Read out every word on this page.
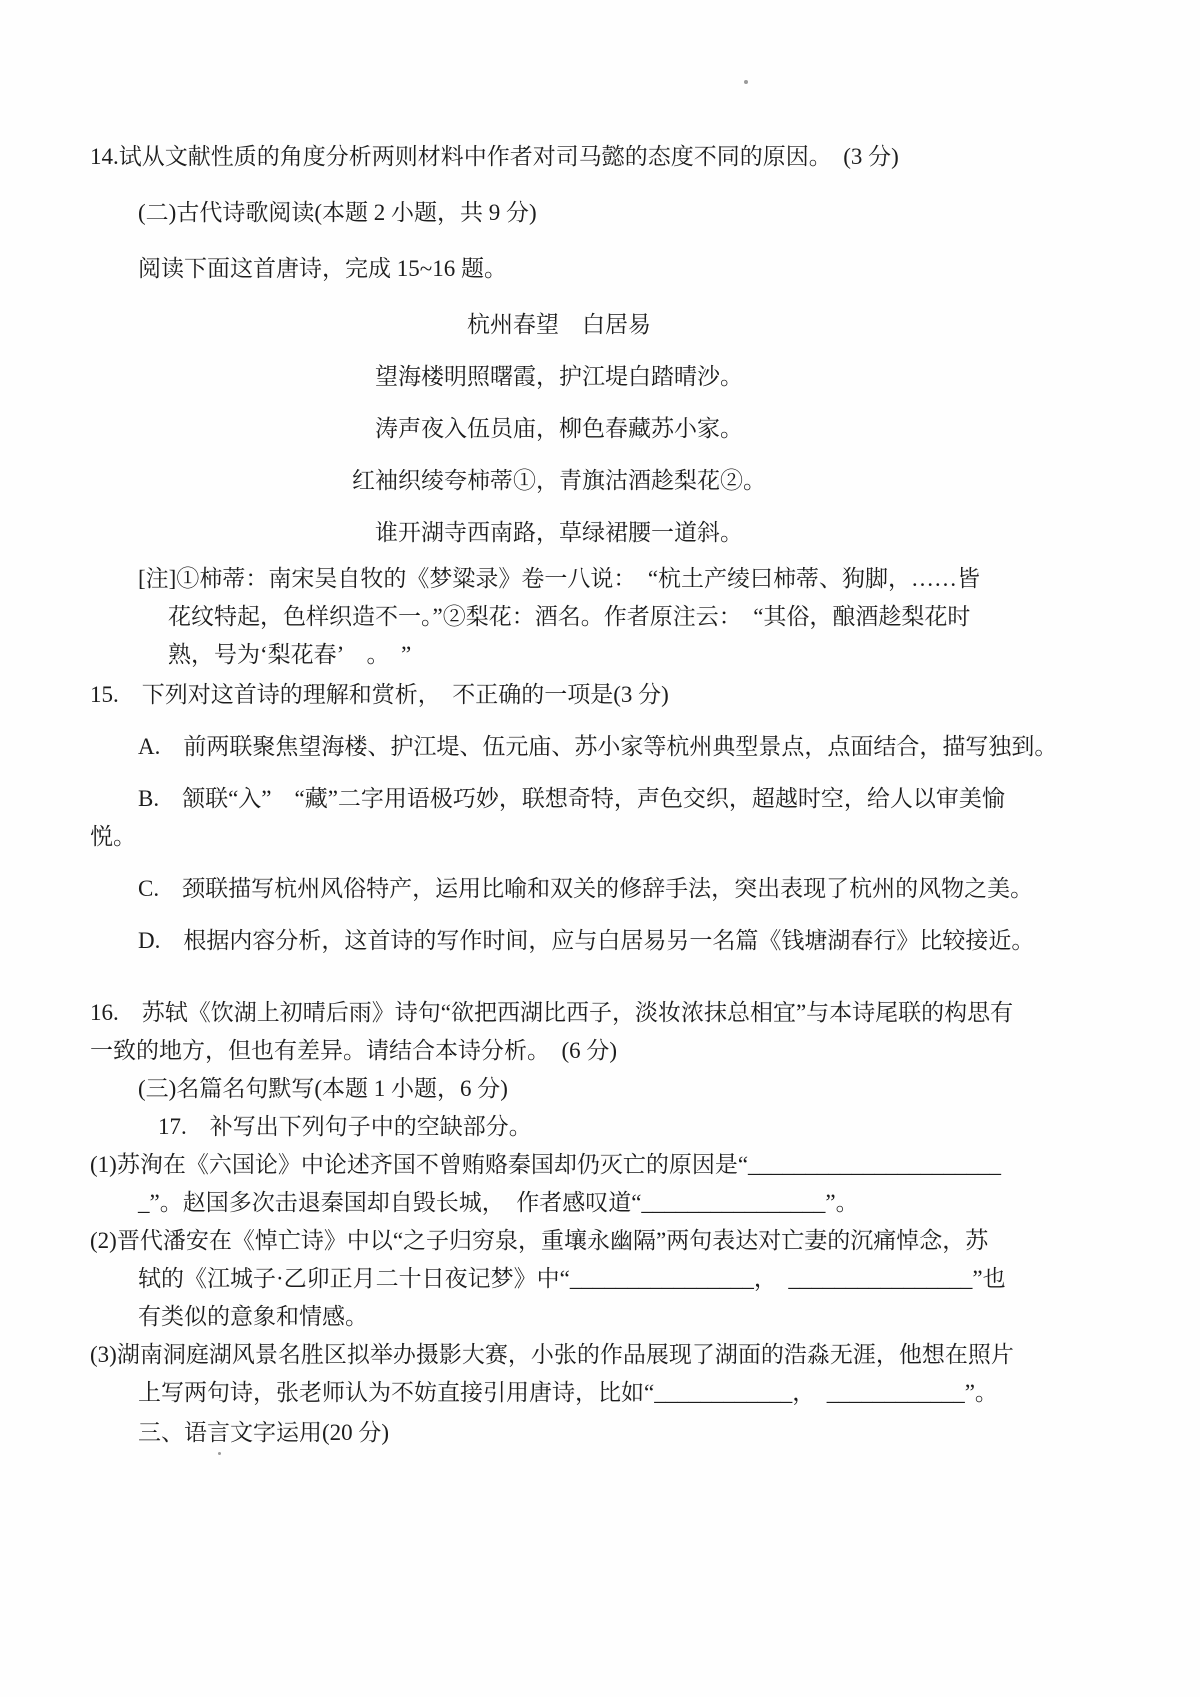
14.试从文献性质的角度分析两则材料中作者对司马懿的态度不同的原因。　(3 分)
(二)古代诗歌阅读(本题 2 小题，共 9 分)
阅读下面这首唐诗，完成 15~16 题。
杭州春望　白居易
望海楼明照曙霞，护江堤白踏晴沙。
涛声夜入伍员庙，柳色春藏苏小家。
红袖织绫夸柿蒂①，青旗沽酒趁梨花②。
谁开湖寺西南路，草绿裙腰一道斜。
[注]①柿蒂：南宋吴自牧的《梦粱录》卷一八说：　“杭土产绫曰柿蒂、狗脚，……皆
花纹特起，色样织造不一。”②梨花：酒名。作者原注云：　“其俗，酿酒趁梨花时
熟，号为‘梨花春’　。　”
15.　下列对这首诗的理解和赏析，　不正确的一项是(3 分)
A.　前两联聚焦望海楼、护江堤、伍元庙、苏小家等杭州典型景点，点面结合，描写独到。
B.　颔联“入”　“藏”二字用语极巧妙，联想奇特，声色交织，超越时空，给人以审美愉
悦。
C.　颈联描写杭州风俗特产，运用比喻和双关的修辞手法，突出表现了杭州的风物之美。
D.　根据内容分析，这首诗的写作时间，应与白居易另一名篇《钱塘湖春行》比较接近。
16.　苏轼《饮湖上初晴后雨》诗句“欲把西湖比西子，淡妆浓抹总相宜”与本诗尾联的构思有
一致的地方，但也有差异。请结合本诗分析。　(6 分)
(三)名篇名句默写(本题 1 小题，6 分)
17.　补写出下列句子中的空缺部分。
(1)苏洵在《六国论》中论述齐国不曾贿赂秦国却仍灭亡的原因是“______________________
_”。赵国多次击退秦国却自毁长城，　作者感叹道“________________”。
(2)晋代潘安在《悼亡诗》中以“之子归穷泉，重壤永幽隔”两句表达对亡妻的沉痛悼念，苏
轼的《江城子·乙卯正月二十日夜记梦》中“________________，　________________”也
有类似的意象和情感。
(3)湖南洞庭湖风景名胜区拟举办摄影大赛，小张的作品展现了湖面的浩淼无涯，他想在照片
上写两句诗，张老师认为不妨直接引用唐诗，比如“____________，　____________”。
三、语言文字运用(20 分)
